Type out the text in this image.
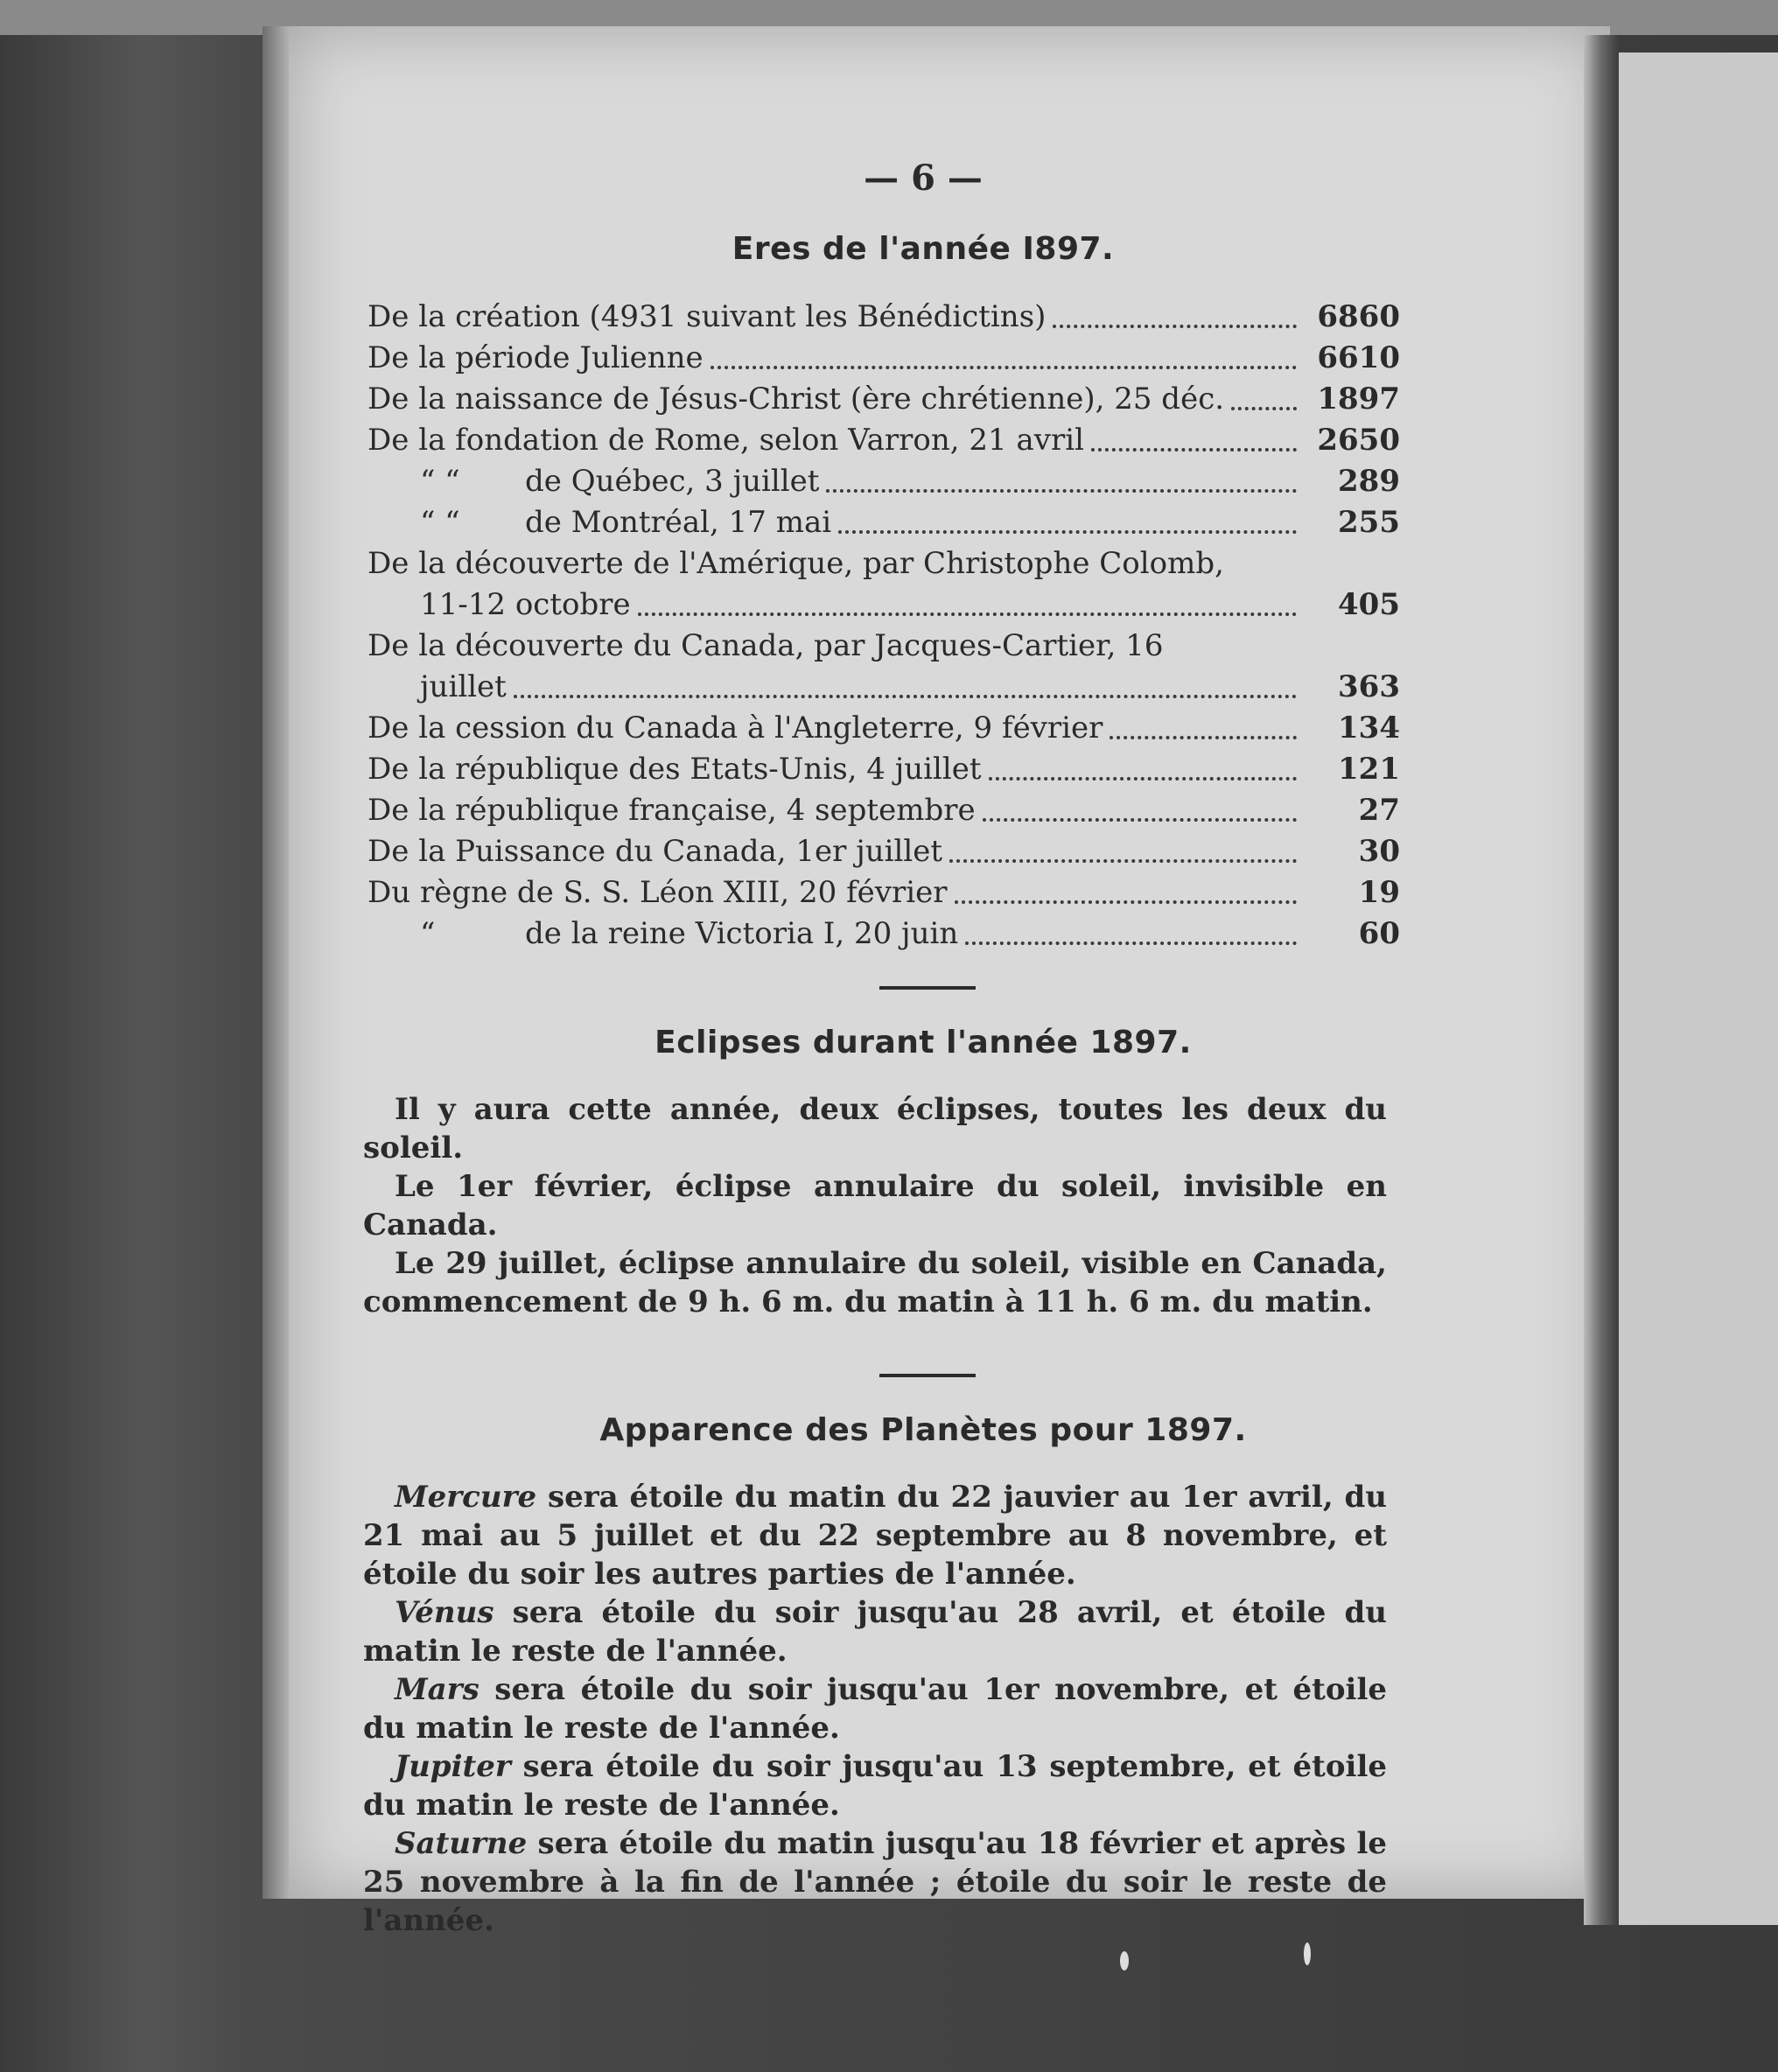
— 6 —
Eres de l'année I897.
De la création (4931 suivant les Bénédictins)	6860
De la période Julienne	6610
De la naissance de Jésus-Christ (ère chrétienne), 25 déc.	1897
De la fondation de Rome, selon Varron, 21 avril	2650
“ “ de Québec, 3 juillet	289
“ “ de Montréal, 17 mai	255
De la découverte de l'Amérique, par Christophe Colomb,
11-12 octobre	405
De la découverte du Canada, par Jacques-Cartier, 16
juillet	363
De la cession du Canada à l'Angleterre, 9 février	134
De la république des Etats-Unis, 4 juillet	121
De la république française, 4 septembre	27
De la Puissance du Canada, 1er juillet	30
Du règne de S. S. Léon XIII, 20 février	19
“	de la reine Victoria I, 20 juin	60
Eclipses durant l'année 1897.

Il y aura cette année, deux éclipses, toutes les deux du soleil.

Le 1er février, éclipse annulaire du soleil, invisible en Canada.

Le 29 juillet, éclipse annulaire du soleil, visible en Canada, commencement de 9 h. 6 m. du matin à 11 h. 6 m. du matin.

Apparence des Planètes pour 1897.

Mercure sera étoile du matin du 22 jauvier au 1er avril, du 21 mai au 5 juillet et du 22 septembre au 8 novembre, et étoile du soir les autres parties de l'année.

Vénus sera étoile du soir jusqu'au 28 avril, et étoile du matin le reste de l'année.

Mars sera étoile du soir jusqu'au 1er novembre, et étoile du matin le reste de l'année.

Jupiter sera étoile du soir jusqu'au 13 septembre, et étoile du matin le reste de l'année.

Saturne sera étoile du matin jusqu'au 18 février et après le 25 novembre à la fin de l'année ; étoile du soir le reste de l'année.
